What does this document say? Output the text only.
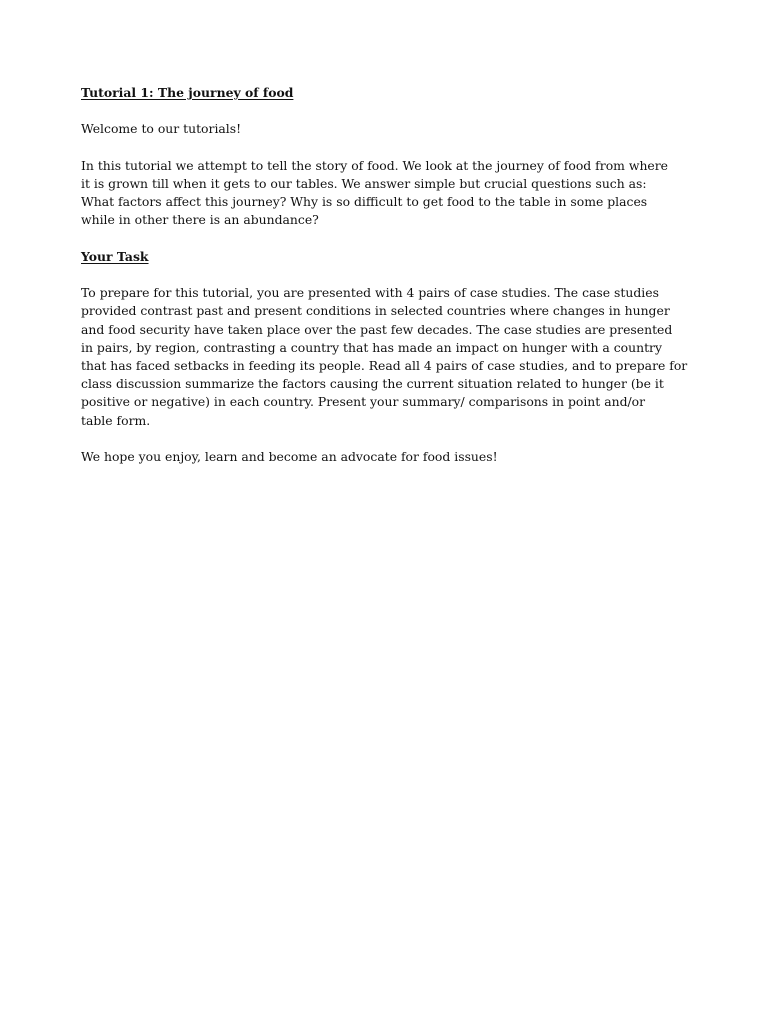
Tutorial 1: The journey of food

Welcome to our tutorials!

In this tutorial we attempt to tell the story of food. We look at the journey of food from where
it is grown till when it gets to our tables. We answer simple but crucial questions such as:
What factors affect this journey? Why is so difficult to get food to the table in some places
while in other there is an abundance?

Your Task

To prepare for this tutorial, you are presented with 4 pairs of case studies. The case studies
provided contrast past and present conditions in selected countries where changes in hunger
and food security have taken place over the past few decades. The case studies are presented
in pairs, by region, contrasting a country that has made an impact on hunger with a country
that has faced setbacks in feeding its people. Read all 4 pairs of case studies, and to prepare for
class discussion summarize the factors causing the current situation related to hunger (be it
positive or negative) in each country. Present your summary/ comparisons in point and/or
table form.

We hope you enjoy, learn and become an advocate for food issues!
